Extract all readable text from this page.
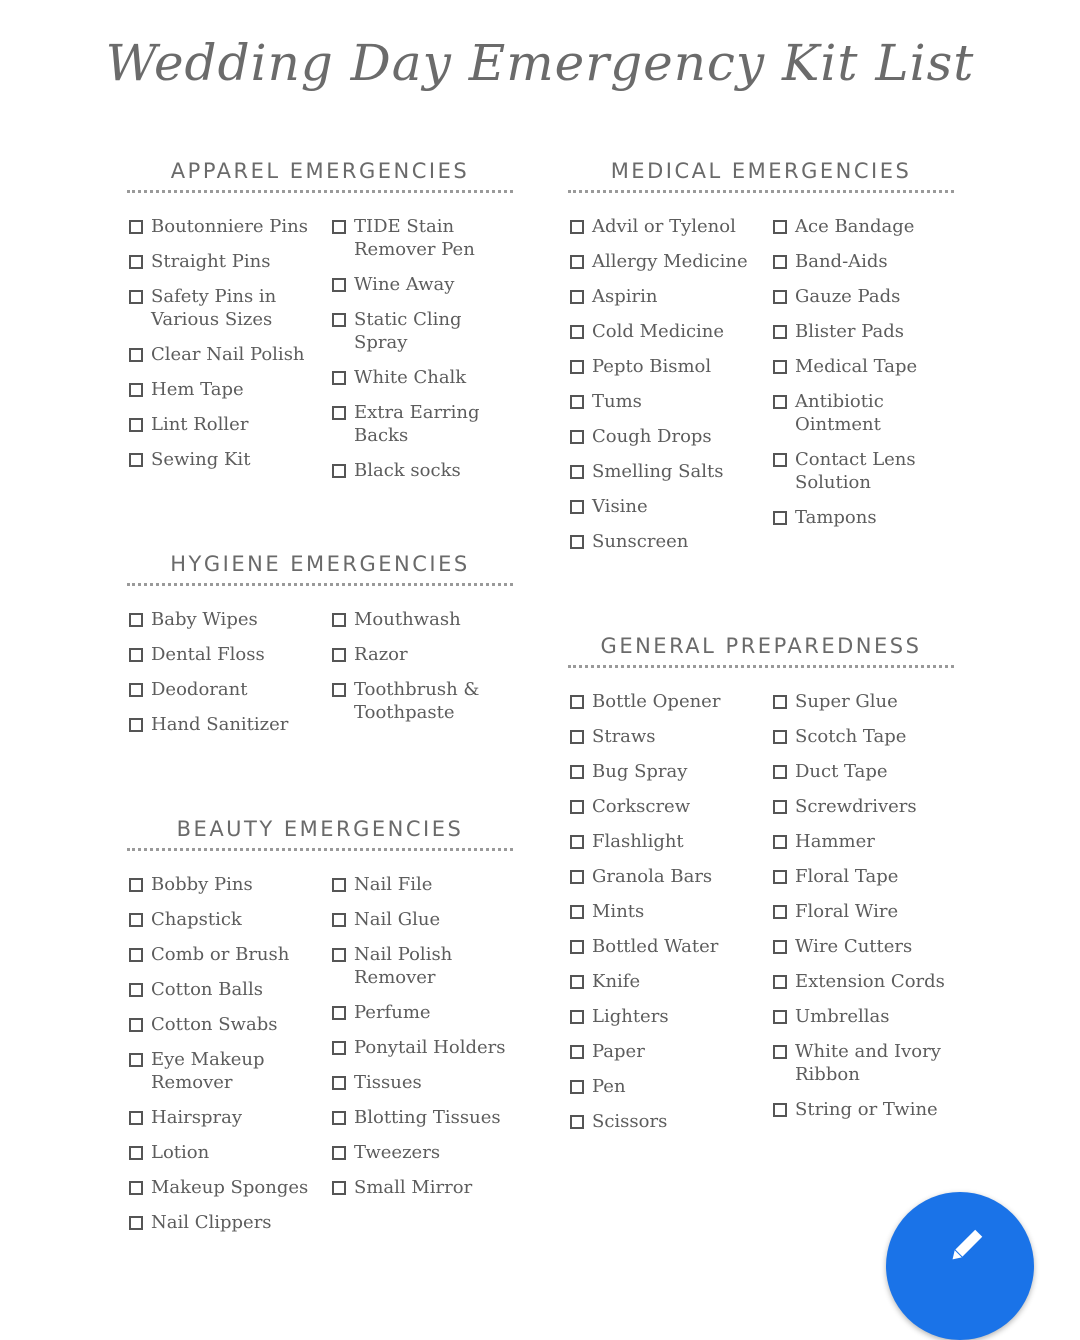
Wedding Day Emergency Kit List
APPAREL EMERGENCIES
Boutonniere Pins
Straight Pins
Safety Pins in Various Sizes
Clear Nail Polish
Hem Tape
Lint Roller
Sewing Kit
TIDE Stain Remover Pen
Wine Away
Static Cling Spray
White Chalk
Extra Earring Backs
Black socks
MEDICAL EMERGENCIES
Advil or Tylenol
Allergy Medicine
Aspirin
Cold Medicine
Pepto Bismol
Tums
Cough Drops
Smelling Salts
Visine
Sunscreen
Ace Bandage
Band-Aids
Gauze Pads
Blister Pads
Medical Tape
Antibiotic Ointment
Contact Lens Solution
Tampons
HYGIENE EMERGENCIES
Baby Wipes
Dental Floss
Deodorant
Hand Sanitizer
Mouthwash
Razor
Toothbrush & Toothpaste
GENERAL PREPAREDNESS
Bottle Opener
Straws
Bug Spray
Corkscrew
Flashlight
Granola Bars
Mints
Bottled Water
Knife
Lighters
Paper
Pen
Scissors
Super Glue
Scotch Tape
Duct Tape
Screwdrivers
Hammer
Floral Tape
Floral Wire
Wire Cutters
Extension Cords
Umbrellas
White and Ivory Ribbon
String or Twine
BEAUTY EMERGENCIES
Bobby Pins
Chapstick
Comb or Brush
Cotton Balls
Cotton Swabs
Eye Makeup Remover
Hairspray
Lotion
Makeup Sponges
Nail Clippers
Nail File
Nail Glue
Nail Polish Remover
Perfume
Ponytail Holders
Tissues
Blotting Tissues
Tweezers
Small Mirror
